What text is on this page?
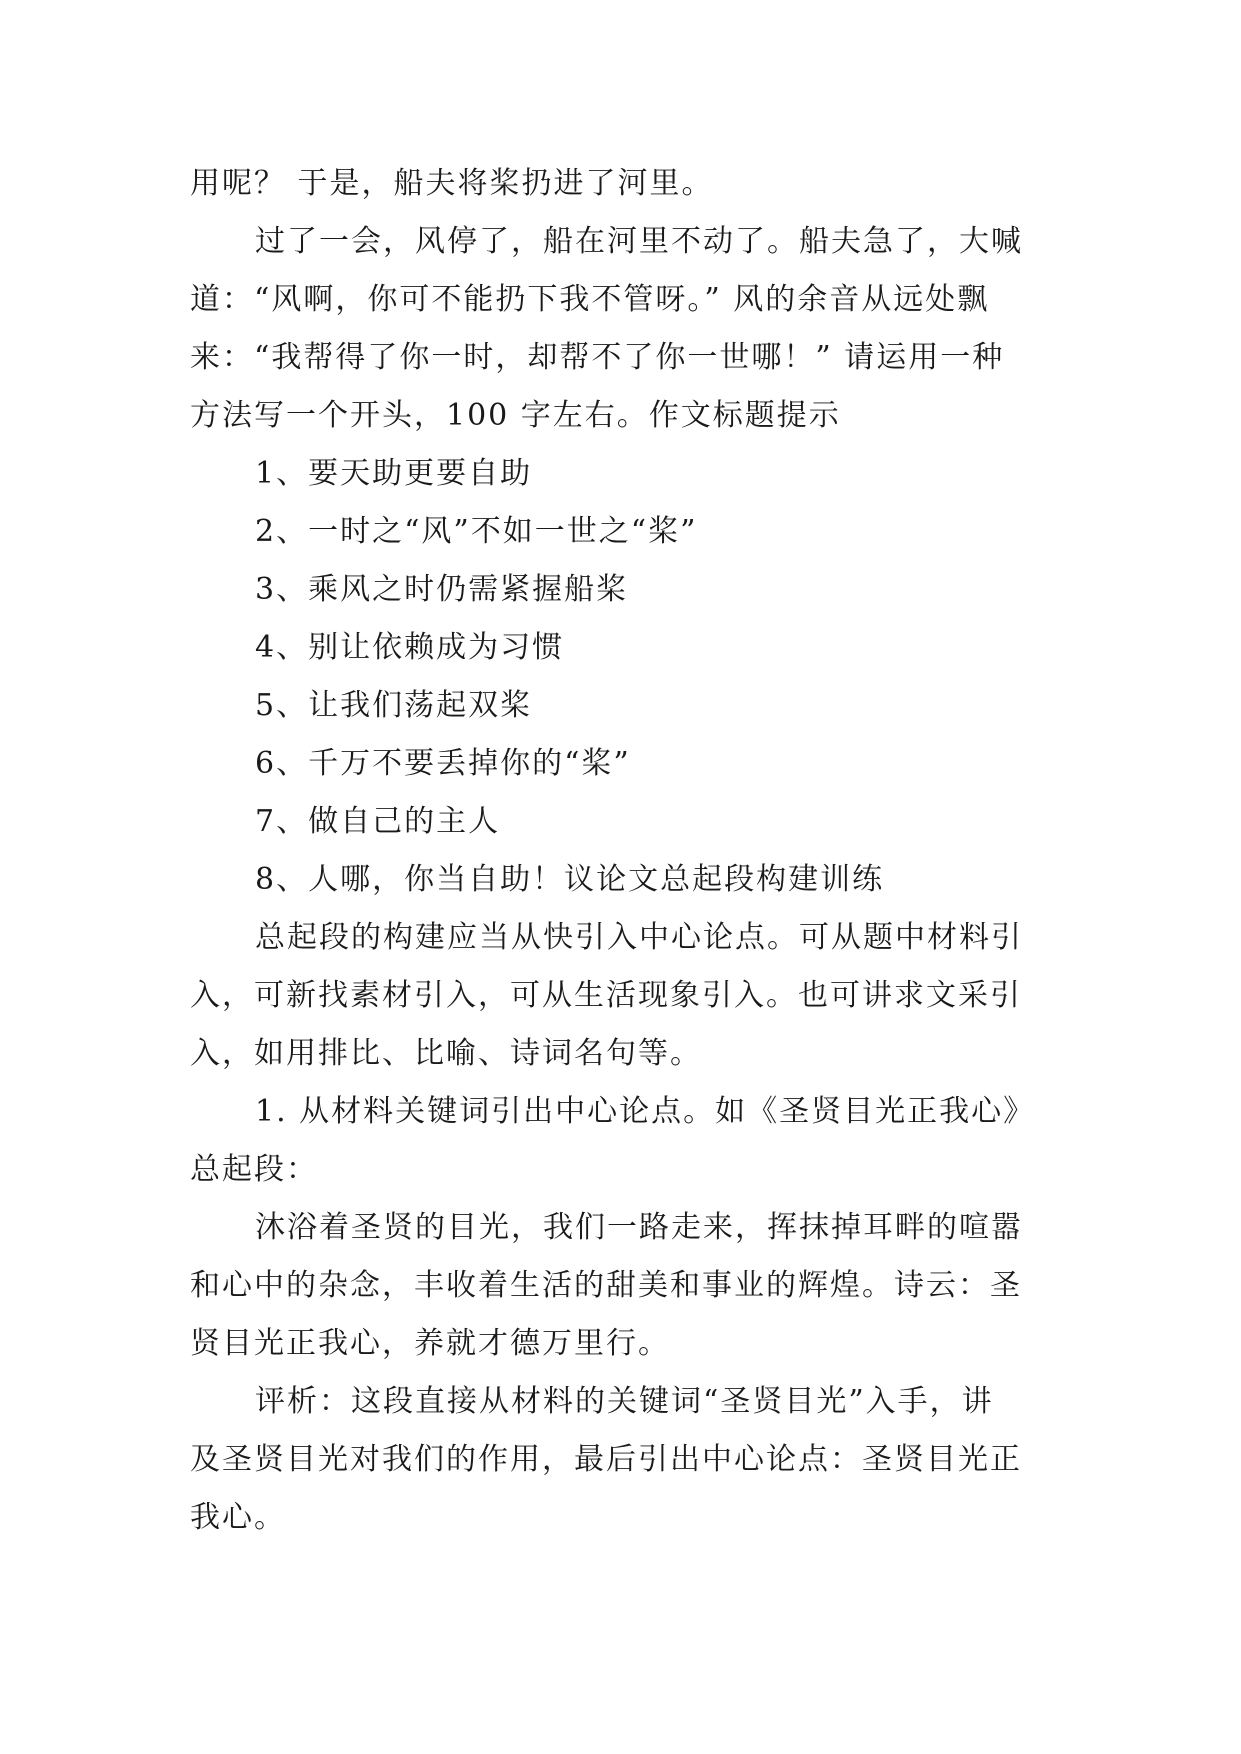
用呢？ 于是，船夫将桨扔进了河里。
过了一会，风停了，船在河里不动了。船夫急了，大喊
道：“风啊，你可不能扔下我不管呀。” 风的余音从远处飘
来：“我帮得了你一时，却帮不了你一世哪！” 请运用一种
方法写一个开头，100 字左右。作文标题提示
1、要天助更要自助
2、一时之“风”不如一世之“桨”
3、乘风之时仍需紧握船桨
4、别让依赖成为习惯
5、让我们荡起双桨
6、千万不要丢掉你的“桨”
7、做自己的主人
8、人哪，你当自助！议论文总起段构建训练
总起段的构建应当从快引入中心论点。可从题中材料引
入，可新找素材引入，可从生活现象引入。也可讲求文采引
入，如用排比、比喻、诗词名句等。
1. 从材料关键词引出中心论点。如《圣贤目光正我心》
总起段：
沐浴着圣贤的目光，我们一路走来，挥抹掉耳畔的喧嚣
和心中的杂念，丰收着生活的甜美和事业的辉煌。诗云：圣
贤目光正我心，养就才德万里行。
评析：这段直接从材料的关键词“圣贤目光”入手，讲
及圣贤目光对我们的作用，最后引出中心论点：圣贤目光正
我心。
